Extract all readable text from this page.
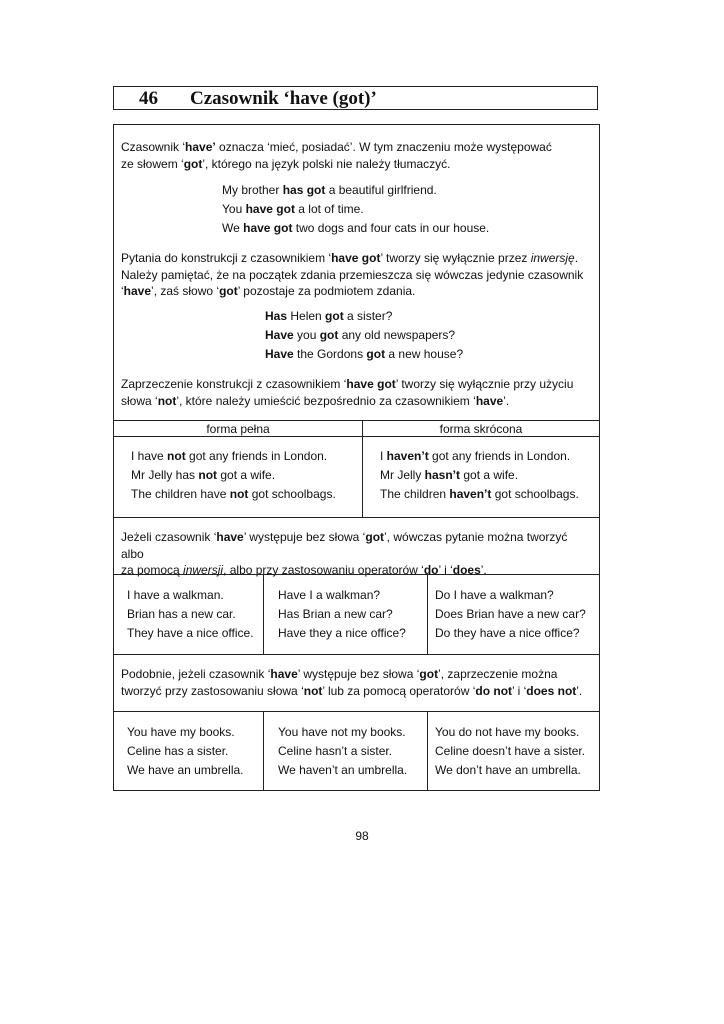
46 Czasownik ‘have (got)’
Czasownik ‘have’ oznacza ‘mieć, posiadać’. W tym znaczeniu może występować
ze słowem ‘got’, którego na język polski nie należy tłumaczyć.
My brother has got a beautiful girlfriend.
You have got a lot of time.
We have got two dogs and four cats in our house.
Pytania do konstrukcji z czasownikiem ‘have got’ tworzy się wyłącznie przez inwersję.
Należy pamiętać, że na początek zdania przemieszcza się wówczas jedynie czasownik
‘have’, zaś słowo ‘got’ pozostaje za podmiotem zdania.
Has Helen got a sister?
Have you got any old newspapers?
Have the Gordons got a new house?
Zaprzeczenie konstrukcji z czasownikiem ‘have got’ tworzy się wyłącznie przy użyciu
słowa ‘not’, które należy umieścić bezpośrednio za czasownikiem ‘have’.
forma pełna	forma skrócona
I have not got any friends in London.
Mr Jelly has not got a wife.
The children have not got schoolbags.
I haven’t got any friends in London.
Mr Jelly hasn’t got a wife.
The children haven’t got schoolbags.
Jeżeli czasownik ‘have’ występuje bez słowa ‘got’, wówczas pytanie można tworzyć albo
za pomocą inwersji, albo przy zastosowaniu operatorów ‘do’ i ‘does’.
I have a walkman.
Brian has a new car.
They have a nice office.
Have I a walkman?
Has Brian a new car?
Have they a nice office?
Do I have a walkman?
Does Brian have a new car?
Do they have a nice office?
Podobnie, jeżeli czasownik ‘have’ występuje bez słowa ‘got’, zaprzeczenie można
tworzyć przy zastosowaniu słowa ‘not’ lub za pomocą operatorów ‘do not’ i ‘does not’.
You have my books.
Celine has a sister.
We have an umbrella.
You have not my books.
Celine hasn’t a sister.
We haven’t an umbrella.
You do not have my books.
Celine doesn’t have a sister.
We don’t have an umbrella.
98
